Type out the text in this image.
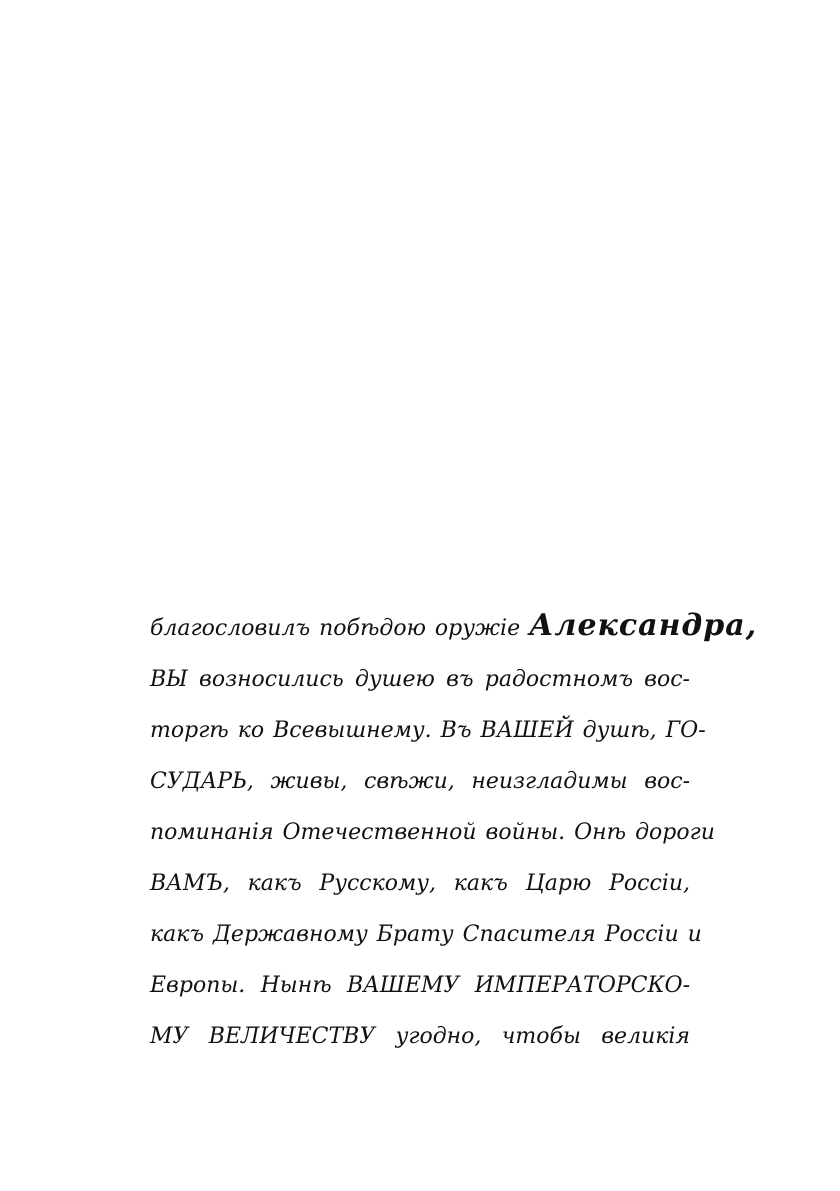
благословилъ побѣдою оружіе Александра,
ВЫ возносились душею въ радостномъ вос-
торгѣ ко Всевышнему. Въ ВАШЕЙ душѣ, ГО-
СУДАРЬ, живы, свѣжи, неизгладимы вос-
поминанія Отечественной войны. Онѣ дороги
ВАМЪ, какъ Русскому, какъ Царю Россіи,
какъ Державному Брату Спасителя Россіи и
Европы. Нынѣ ВАШЕМУ ИМПЕРАТОРСКО-
МУ ВЕЛИЧЕСТВУ угодно, чтобы великія
